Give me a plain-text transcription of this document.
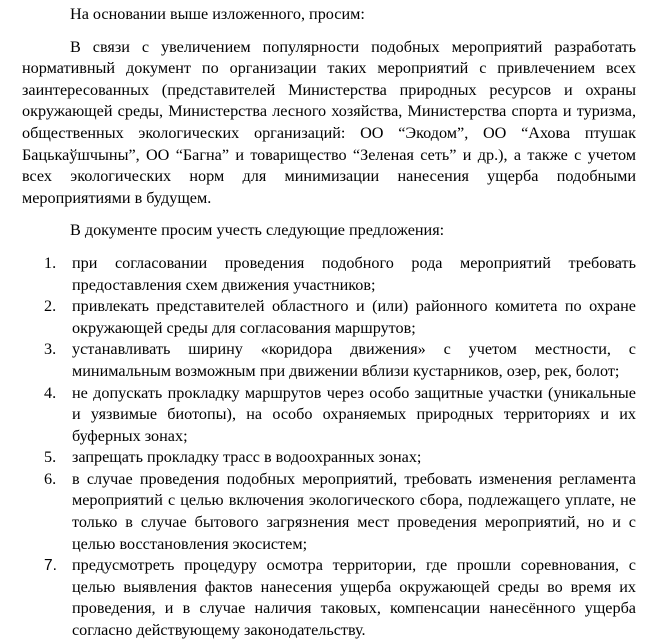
На основании выше изложенного, просим:

В связи с увеличением популярности подобных мероприятий разработать нормативный документ по организации таких мероприятий с привлечением всех заинтересованных (представителей Министерства природных ресурсов и охраны окружающей среды, Министерства лесного хозяйства, Министерства спорта и туризма, общественных экологических организаций: ОО “Экодом”, ОО “Ахова птушак Бацькаўшчыны”, ОО “Багна” и товарищество “Зеленая сеть” и др.), а также с учетом всех экологических норм для минимизации нанесения ущерба подобными мероприятиями в будущем.

В документе просим учесть следующие предложения:

1. при согласовании проведения подобного рода мероприятий требовать предоставления схем движения участников;
2. привлекать представителей областного и (или) районного комитета по охране окружающей среды для согласования маршрутов;
3. устанавливать ширину «коридора движения» с учетом местности, с минимальным возможным при движении вблизи кустарников, озер, рек, болот;
4. не допускать прокладку маршрутов через особо защитные участки (уникальные и уязвимые биотопы), на особо охраняемых природных территориях и их буферных зонах;
5. запрещать прокладку трасс в водоохранных зонах;
6. в случае проведения подобных мероприятий, требовать изменения регламента мероприятий с целью включения экологического сбора, подлежащего уплате, не только в случае бытового загрязнения мест проведения мероприятий, но и с целью восстановления экосистем;
7. предусмотреть процедуру осмотра территории, где прошли соревнования, с целью выявления фактов нанесения ущерба окружающей среды во время их проведения, и в случае наличия таковых, компенсации нанесённого ущерба согласно действующему законодательству.
